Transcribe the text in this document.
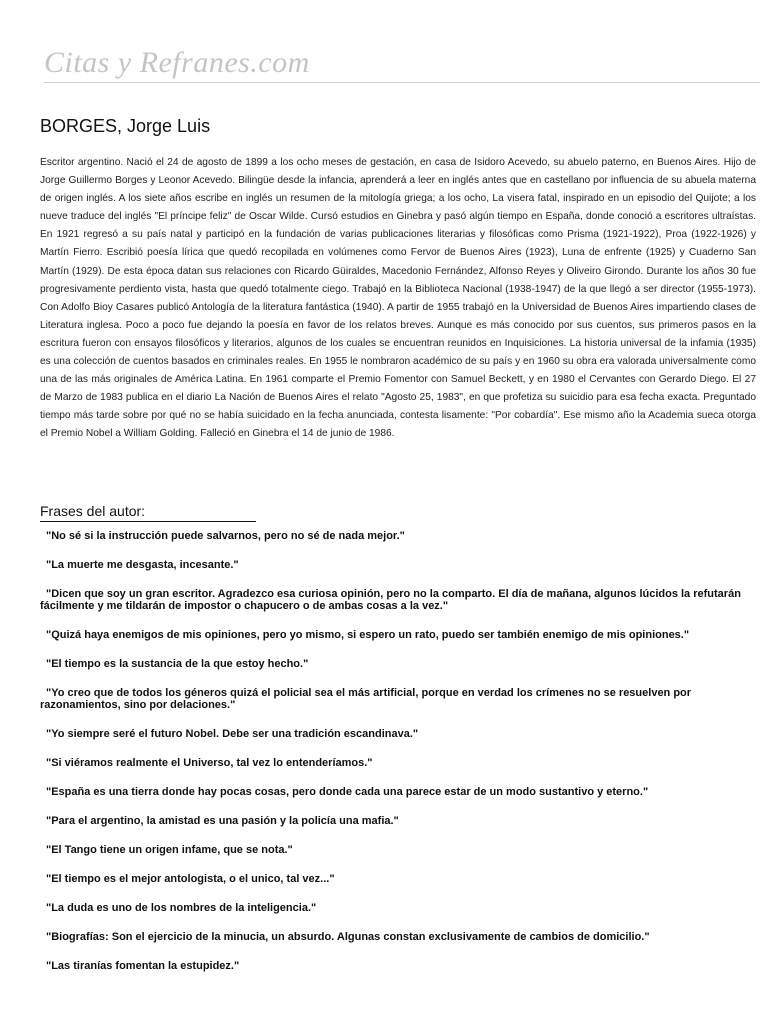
Citas y Refranes.com
BORGES, Jorge Luis

Escritor argentino. Nació el 24 de agosto de 1899 a los ocho meses de gestación, en casa de Isidoro Acevedo, su abuelo paterno, en Buenos Aires. Hijo de Jorge Guillermo Borges y Leonor Acevedo. Bilingüe desde la infancia, aprenderá a leer en inglés antes que en castellano por influencia de su abuela materna de origen inglés. A los siete años escribe en inglés un resumen de la mitología griega; a los ocho, La visera fatal, inspirado en un episodio del Quijote; a los nueve traduce del inglés "El príncipe feliz" de Oscar Wilde. Cursó estudios en Ginebra y pasó algún tiempo en España, donde conoció a escritores ultraístas. En 1921 regresó a su país natal y participó en la fundación de varias publicaciones literarias y filosóficas como Prisma (1921-1922), Proa (1922-1926) y Martín Fierro. Escribió poesía lírica que quedó recopilada en volúmenes como Fervor de Buenos Aires (1923), Luna de enfrente (1925) y Cuaderno San Martín (1929). De esta época datan sus relaciones con Ricardo Güiraldes, Macedonio Fernández, Alfonso Reyes y Oliveiro Girondo. Durante los años 30 fue progresivamente perdiento vista, hasta que quedó totalmente ciego. Trabajó en la Biblioteca Nacional (1938-1947) de la que llegó a ser director (1955-1973). Con Adolfo Bioy Casares publicó Antología de la literatura fantástica (1940). A partir de 1955 trabajó en la Universidad de Buenos Aires impartiendo clases de Literatura inglesa. Poco a poco fue dejando la poesía en favor de los relatos breves. Aunque es más conocido por sus cuentos, sus primeros pasos en la escritura fueron con ensayos filosóficos y literarios, algunos de los cuales se encuentran reunidos en Inquisiciones. La historia universal de la infamia (1935) es una colección de cuentos basados en criminales reales. En 1955 le nombraron académico de su país y en 1960 su obra era valorada universalmente como una de las más originales de América Latina. En 1961 comparte el Premio Fomentor con Samuel Beckett, y en 1980 el Cervantes con Gerardo Diego. El 27 de Marzo de 1983 publica en el diario La Nación de Buenos Aires el relato "Agosto 25, 1983", en que profetiza su suicidio para esa fecha exacta. Preguntado tiempo más tarde sobre por qué no se había suicidado en la fecha anunciada, contesta lisamente: "Por cobardía". Ese mismo año la Academia sueca otorga el Premio Nobel a William Golding. Falleció en Ginebra el 14 de junio de 1986.

Frases del autor:
"No sé si la instrucción puede salvarnos, pero no sé de nada mejor."
"La muerte me desgasta, incesante."
"Dicen que soy un gran escritor. Agradezco esa curiosa opinión, pero no la comparto. El día de mañana, algunos lúcidos la refutarán fácilmente y me tildarán de impostor o chapucero o de ambas cosas a la vez."
"Quizá haya enemigos de mis opiniones, pero yo mismo, si espero un rato, puedo ser también enemigo de mis opiniones."
"El tiempo es la sustancia de la que estoy hecho."
"Yo creo que de todos los géneros quizá el policial sea el más artificial, porque en verdad los crímenes no se resuelven por razonamientos, sino por delaciones."
"Yo siempre seré el futuro Nobel. Debe ser una tradición escandinava."
"Si viéramos realmente el Universo, tal vez lo entenderíamos."
"España es una tierra donde hay pocas cosas, pero donde cada una parece estar de un modo sustantivo y eterno."
"Para el argentino, la amistad es una pasión y la policía una mafia."
"El Tango tiene un origen infame, que se nota."
"El tiempo es el mejor antologista, o el unico, tal vez..."
"La duda es uno de los nombres de la inteligencia."
"Biografías: Son el ejercicio de la minucia, un absurdo. Algunas constan exclusivamente de cambios de domicilio."
"Las tiranías fomentan la estupidez."
